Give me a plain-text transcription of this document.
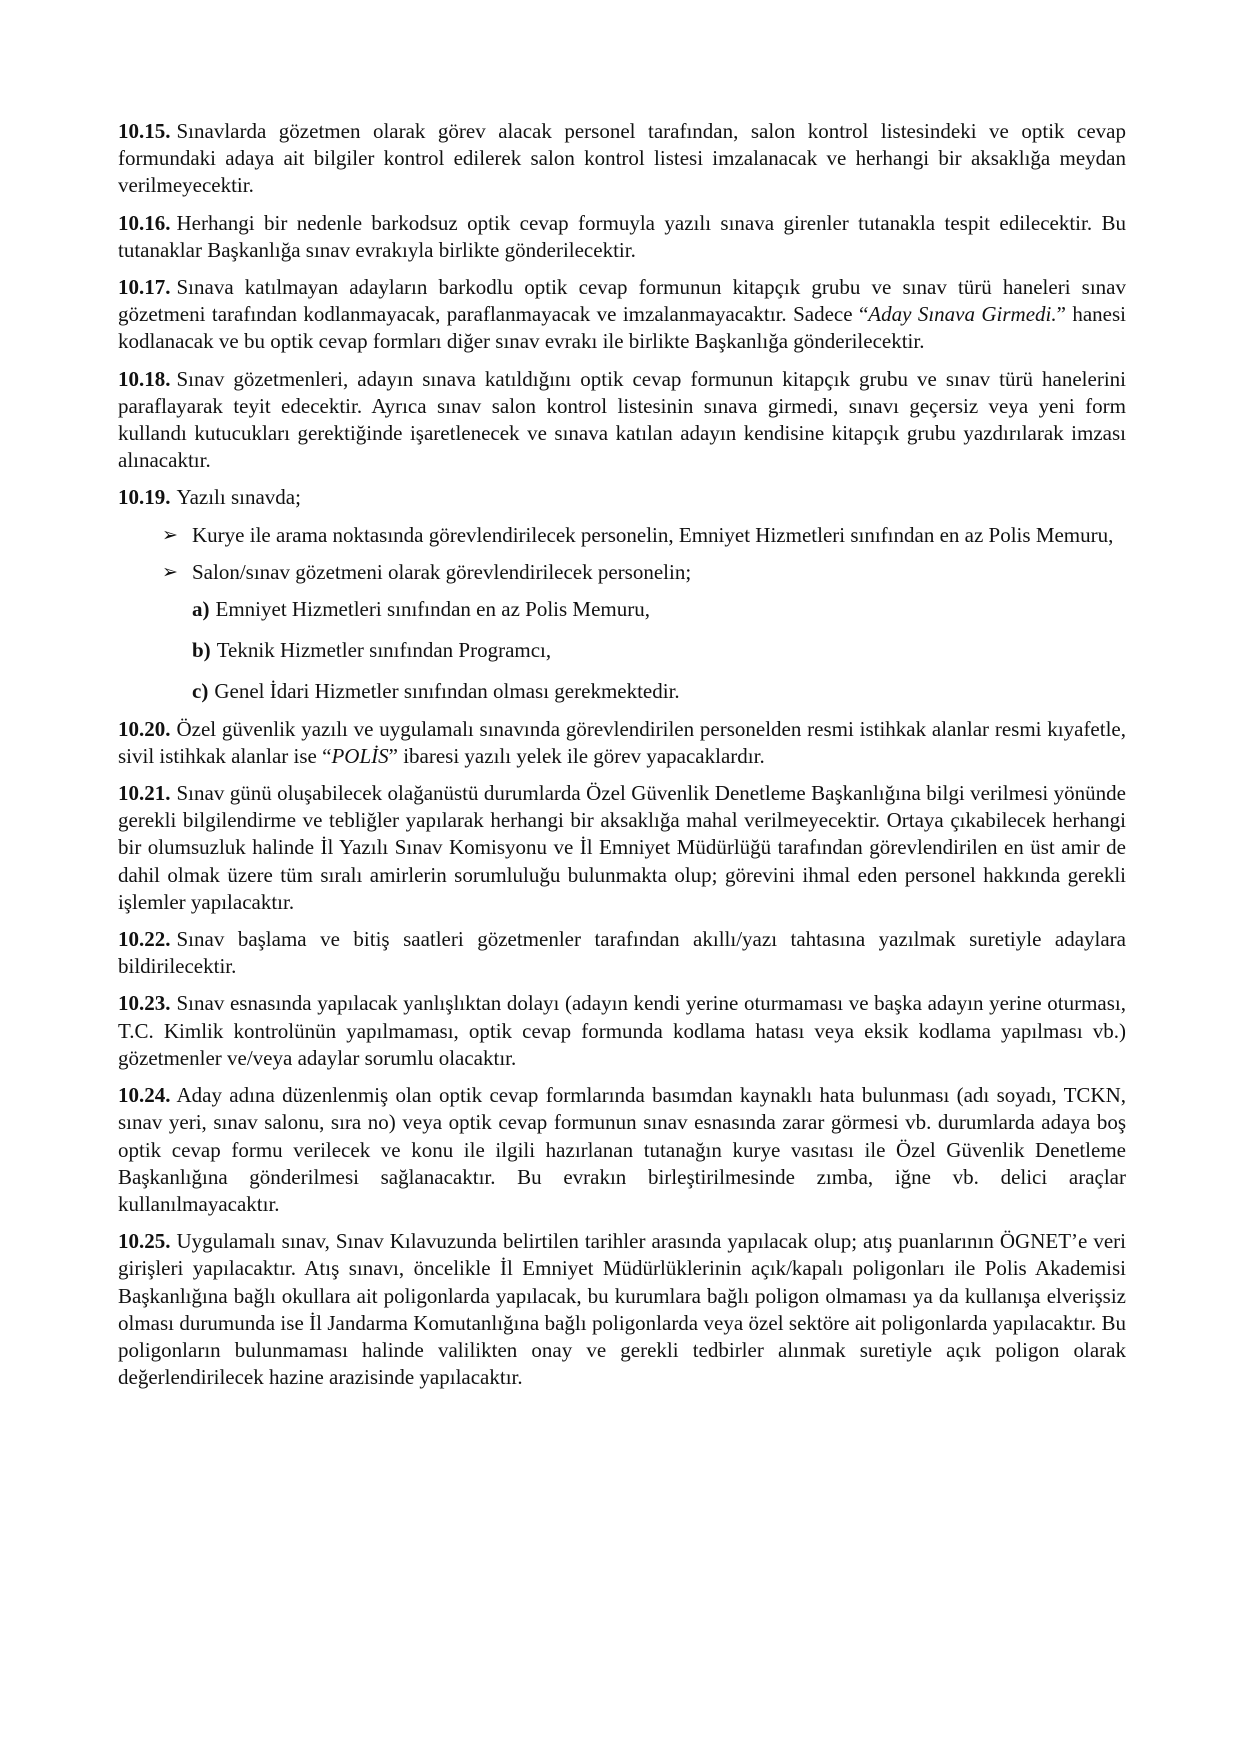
10.15. Sınavlarda gözetmen olarak görev alacak personel tarafından, salon kontrol listesindeki ve optik cevap formundaki adaya ait bilgiler kontrol edilerek salon kontrol listesi imzalanacak ve herhangi bir aksaklığa meydan verilmeyecektir.

10.16. Herhangi bir nedenle barkodsuz optik cevap formuyla yazılı sınava girenler tutanakla tespit edilecektir. Bu tutanaklar Başkanlığa sınav evrakıyla birlikte gönderilecektir.

10.17. Sınava katılmayan adayların barkodlu optik cevap formunun kitapçık grubu ve sınav türü haneleri sınav gözetmeni tarafından kodlanmayacak, paraflanmayacak ve imzalanmayacaktır. Sadece “Aday Sınava Girmedi.” hanesi kodlanacak ve bu optik cevap formları diğer sınav evrakı ile birlikte Başkanlığa gönderilecektir.

10.18. Sınav gözetmenleri, adayın sınava katıldığını optik cevap formunun kitapçık grubu ve sınav türü hanelerini paraflayarak teyit edecektir. Ayrıca sınav salon kontrol listesinin sınava girmedi, sınavı geçersiz veya yeni form kullandı kutucukları gerektiğinde işaretlenecek ve sınava katılan adayın kendisine kitapçık grubu yazdırılarak imzası alınacaktır.

10.19. Yazılı sınavda;

➢ Kurye ile arama noktasında görevlendirilecek personelin, Emniyet Hizmetleri sınıfından en az Polis Memuru,
➢ Salon/sınav gözetmeni olarak görevlendirilecek personelin;
a) Emniyet Hizmetleri sınıfından en az Polis Memuru,
b) Teknik Hizmetler sınıfından Programcı,
c) Genel İdari Hizmetler sınıfından olması gerekmektedir.

10.20. Özel güvenlik yazılı ve uygulamalı sınavında görevlendirilen personelden resmi istihkak alanlar resmi kıyafetle, sivil istihkak alanlar ise “POLİS” ibaresi yazılı yelek ile görev yapacaklardır.

10.21. Sınav günü oluşabilecek olağanüstü durumlarda Özel Güvenlik Denetleme Başkanlığına bilgi verilmesi yönünde gerekli bilgilendirme ve tebliğler yapılarak herhangi bir aksaklığa mahal verilmeyecektir. Ortaya çıkabilecek herhangi bir olumsuzluk halinde İl Yazılı Sınav Komisyonu ve İl Emniyet Müdürlüğü tarafından görevlendirilen en üst amir de dahil olmak üzere tüm sıralı amirlerin sorumluluğu bulunmakta olup; görevini ihmal eden personel hakkında gerekli işlemler yapılacaktır.

10.22. Sınav başlama ve bitiş saatleri gözetmenler tarafından akıllı/yazı tahtasına yazılmak suretiyle adaylara bildirilecektir.

10.23. Sınav esnasında yapılacak yanlışlıktan dolayı (adayın kendi yerine oturmaması ve başka adayın yerine oturması, T.C. Kimlik kontrolünün yapılmaması, optik cevap formunda kodlama hatası veya eksik kodlama yapılması vb.) gözetmenler ve/veya adaylar sorumlu olacaktır.

10.24. Aday adına düzenlenmiş olan optik cevap formlarında basımdan kaynaklı hata bulunması (adı soyadı, TCKN, sınav yeri, sınav salonu, sıra no) veya optik cevap formunun sınav esnasında zarar görmesi vb. durumlarda adaya boş optik cevap formu verilecek ve konu ile ilgili hazırlanan tutanağın kurye vasıtası ile Özel Güvenlik Denetleme Başkanlığına gönderilmesi sağlanacaktır. Bu evrakın birleştirilmesinde zımba, iğne vb. delici araçlar kullanılmayacaktır.

10.25. Uygulamalı sınav, Sınav Kılavuzunda belirtilen tarihler arasında yapılacak olup; atış puanlarının ÖGNET’e veri girişleri yapılacaktır. Atış sınavı, öncelikle İl Emniyet Müdürlüklerinin açık/kapalı poligonları ile Polis Akademisi Başkanlığına bağlı okullara ait poligonlarda yapılacak, bu kurumlara bağlı poligon olmaması ya da kullanışa elverişsiz olması durumunda ise İl Jandarma Komutanlığına bağlı poligonlarda veya özel sektöre ait poligonlarda yapılacaktır. Bu poligonların bulunmaması halinde valilikten onay ve gerekli tedbirler alınmak suretiyle açık poligon olarak değerlendirilecek hazine arazisinde yapılacaktır.
